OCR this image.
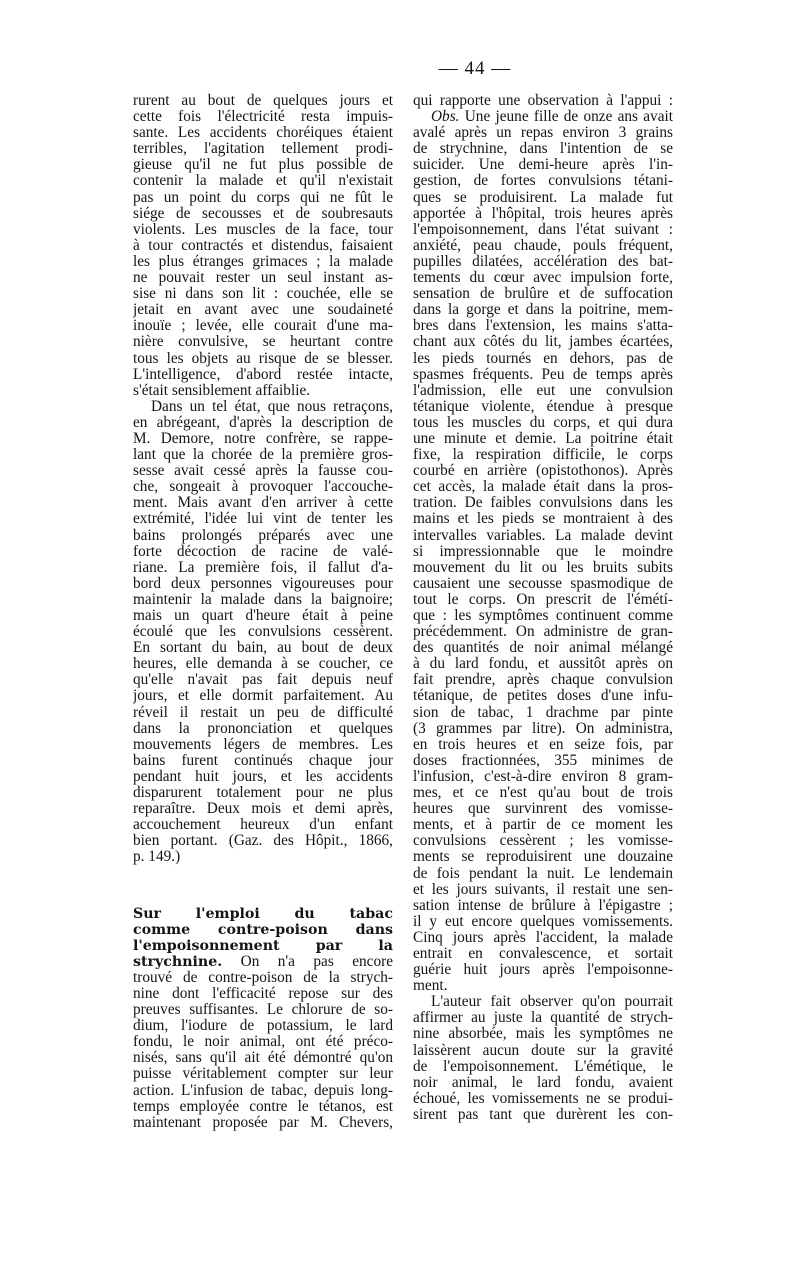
— 44 —
rurent au bout de quelques jours et
cette fois l'électricité resta impuis-
sante. Les accidents choréiques étaient
terribles, l'agitation tellement prodi-
gieuse qu'il ne fut plus possible de
contenir la malade et qu'il n'existait
pas un point du corps qui ne fût le
siége de secousses et de soubresauts
violents. Les muscles de la face, tour
à tour contractés et distendus, faisaient
les plus étranges grimaces ; la malade
ne pouvait rester un seul instant as-
sise ni dans son lit : couchée, elle se
jetait en avant avec une soudaineté
inouïe ; levée, elle courait d'une ma-
nière convulsive, se heurtant contre
tous les objets au risque de se blesser.
L'intelligence, d'abord restée intacte,
s'était sensiblement affaiblie.
Dans un tel état, que nous retraçons,
en abrégeant, d'après la description de
M. Demore, notre confrère, se rappe-
lant que la chorée de la première gros-
sesse avait cessé après la fausse cou-
che, songeait à provoquer l'accouche-
ment. Mais avant d'en arriver à cette
extrémité, l'idée lui vint de tenter les
bains prolongés préparés avec une
forte décoction de racine de valé-
riane. La première fois, il fallut d'a-
bord deux personnes vigoureuses pour
maintenir la malade dans la baignoire;
mais un quart d'heure était à peine
écoulé que les convulsions cessèrent.
En sortant du bain, au bout de deux
heures, elle demanda à se coucher, ce
qu'elle n'avait pas fait depuis neuf
jours, et elle dormit parfaitement. Au
réveil il restait un peu de difficulté
dans la prononciation et quelques
mouvements légers de membres. Les
bains furent continués chaque jour
pendant huit jours, et les accidents
disparurent totalement pour ne plus
reparaître. Deux mois et demi après,
accouchement heureux d'un enfant
bien portant. (Gaz. des Hôpit., 1866,
p. 149.)
Sur l'emploi du tabac
comme contre-poison dans
l'empoisonnement par la
strychnine. On n'a pas encore
trouvé de contre-poison de la strych-
nine dont l'efficacité repose sur des
preuves suffisantes. Le chlorure de so-
dium, l'iodure de potassium, le lard
fondu, le noir animal, ont été préco-
nisés, sans qu'il ait été démontré qu'on
puisse véritablement compter sur leur
action. L'infusion de tabac, depuis long-
temps employée contre le tétanos, est
maintenant proposée par M. Chevers,
qui rapporte une observation à l'appui :
Obs. Une jeune fille de onze ans avait
avalé après un repas environ 3 grains
de strychnine, dans l'intention de se
suicider. Une demi-heure après l'in-
gestion, de fortes convulsions tétani-
ques se produisirent. La malade fut
apportée à l'hôpital, trois heures après
l'empoisonnement, dans l'état suivant :
anxiété, peau chaude, pouls fréquent,
pupilles dilatées, accélération des bat-
tements du cœur avec impulsion forte,
sensation de brulûre et de suffocation
dans la gorge et dans la poitrine, mem-
bres dans l'extension, les mains s'atta-
chant aux côtés du lit, jambes écartées,
les pieds tournés en dehors, pas de
spasmes fréquents. Peu de temps après
l'admission, elle eut une convulsion
tétanique violente, étendue à presque
tous les muscles du corps, et qui dura
une minute et demie. La poitrine était
fixe, la respiration difficile, le corps
courbé en arrière (opistothonos). Après
cet accès, la malade était dans la pros-
tration. De faibles convulsions dans les
mains et les pieds se montraient à des
intervalles variables. La malade devint
si impressionnable que le moindre
mouvement du lit ou les bruits subits
causaient une secousse spasmodique de
tout le corps. On prescrit de l'émétí-
que : les symptômes continuent comme
précédemment. On administre de gran-
des quantités de noir animal mélangé
à du lard fondu, et aussitôt après on
fait prendre, après chaque convulsion
tétanique, de petites doses d'une infu-
sion de tabac, 1 drachme par pinte
(3 grammes par litre). On administra,
en trois heures et en seize fois, par
doses fractionnées, 355 minimes de
l'infusion, c'est-à-dire environ 8 gram-
mes, et ce n'est qu'au bout de trois
heures que survinrent des vomisse-
ments, et à partir de ce moment les
convulsions cessèrent ; les vomisse-
ments se reproduisirent une douzaine
de fois pendant la nuit. Le lendemain
et les jours suivants, il restait une sen-
sation intense de brûlure à l'épigastre ;
il y eut encore quelques vomissements.
Cinq jours après l'accident, la malade
entrait en convalescence, et sortait
guérie huit jours après l'empoisonne-
ment.
L'auteur fait observer qu'on pourrait
affirmer au juste la quantité de strych-
nine absorbée, mais les symptômes ne
laissèrent aucun doute sur la gravité
de l'empoisonnement. L'émétique, le
noir animal, le lard fondu, avaient
échoué, les vomissements ne se produi-
sirent pas tant que durèrent les con-
